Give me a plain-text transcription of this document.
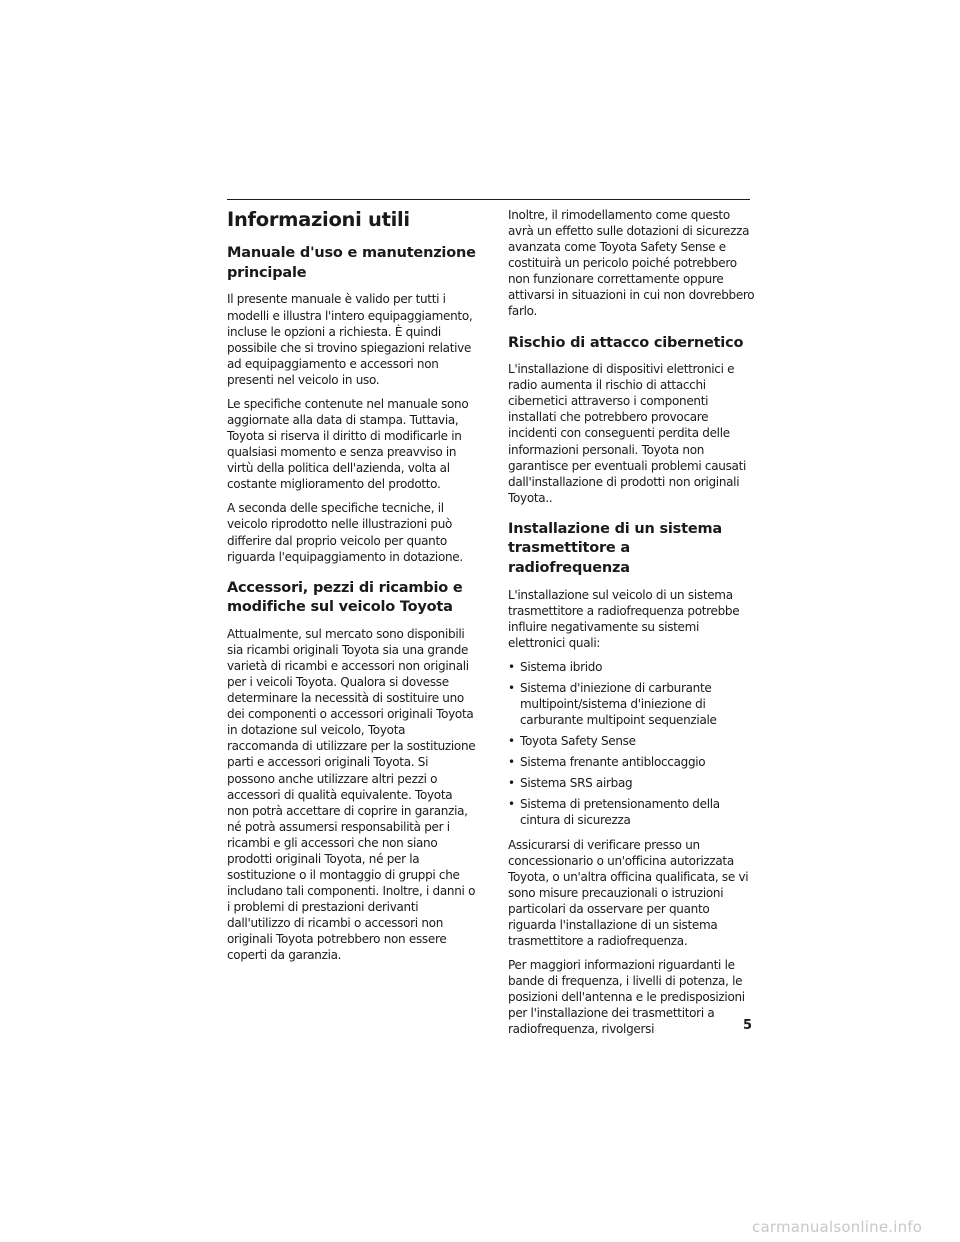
Informazioni utili
Manuale d'uso e manutenzione principale

Il presente manuale è valido per tutti i modelli e illustra l'intero equipaggiamento, incluse le opzioni a richiesta. È quindi possibile che si trovino spiegazioni relative ad equipaggiamento e accessori non presenti nel veicolo in uso.

Le specifiche contenute nel manuale sono aggiornate alla data di stampa. Tuttavia, Toyota si riserva il diritto di modificarle in qualsiasi momento e senza preavviso in virtù della politica dell'azienda, volta al costante miglioramento del prodotto.

A seconda delle specifiche tecniche, il veicolo riprodotto nelle illustrazioni può differire dal proprio veicolo per quanto riguarda l'equipaggiamento in dotazione.

Accessori, pezzi di ricambio e modifiche sul veicolo Toyota

Attualmente, sul mercato sono disponibili sia ricambi originali Toyota sia una grande varietà di ricambi e accessori non originali per i veicoli Toyota. Qualora si dovesse determinare la necessità di sostituire uno dei componenti o accessori originali Toyota in dotazione sul veicolo, Toyota raccomanda di utilizzare per la sostituzione parti e accessori originali Toyota. Si possono anche utilizzare altri pezzi o accessori di qualità equivalente. Toyota non potrà accettare di coprire in garanzia, né potrà assumersi responsabilità per i ricambi e gli accessori che non siano prodotti originali Toyota, né per la sostituzione o il montaggio di gruppi che includano tali componenti. Inoltre, i danni o i problemi di prestazioni derivanti dall'utilizzo di ricambi o accessori non originali Toyota potrebbero non essere coperti da garanzia.

Inoltre, il rimodellamento come questo avrà un effetto sulle dotazioni di sicurezza avanzata come Toyota Safety Sense e costituirà un pericolo poiché potrebbero non funzionare correttamente oppure attivarsi in situazioni in cui non dovrebbero farlo.

Rischio di attacco cibernetico

L'installazione di dispositivi elettronici e radio aumenta il rischio di attacchi cibernetici attraverso i componenti installati che potrebbero provocare incidenti con conseguenti perdita delle informazioni personali. Toyota non garantisce per eventuali problemi causati dall'installazione di prodotti non originali Toyota..

Installazione di un sistema trasmettitore a radiofrequenza

L'installazione sul veicolo di un sistema trasmettitore a radiofrequenza potrebbe influire negativamente su sistemi elettronici quali:

• Sistema ibrido
• Sistema d'iniezione di carburante multipoint/sistema d'iniezione di carburante multipoint sequenziale
• Toyota Safety Sense
• Sistema frenante antibloccaggio
• Sistema SRS airbag
• Sistema di pretensionamento della cintura di sicurezza

Assicurarsi di verificare presso un concessionario o un'officina autorizzata Toyota, o un'altra officina qualificata, se vi sono misure precauzionali o istruzioni particolari da osservare per quanto riguarda l'installazione di un sistema trasmettitore a radiofrequenza.

Per maggiori informazioni riguardanti le bande di frequenza, i livelli di potenza, le posizioni dell'antenna e le predisposizioni per l'installazione dei trasmettitori a radiofrequenza, rivolgersi	5
carmanualsonline.info
